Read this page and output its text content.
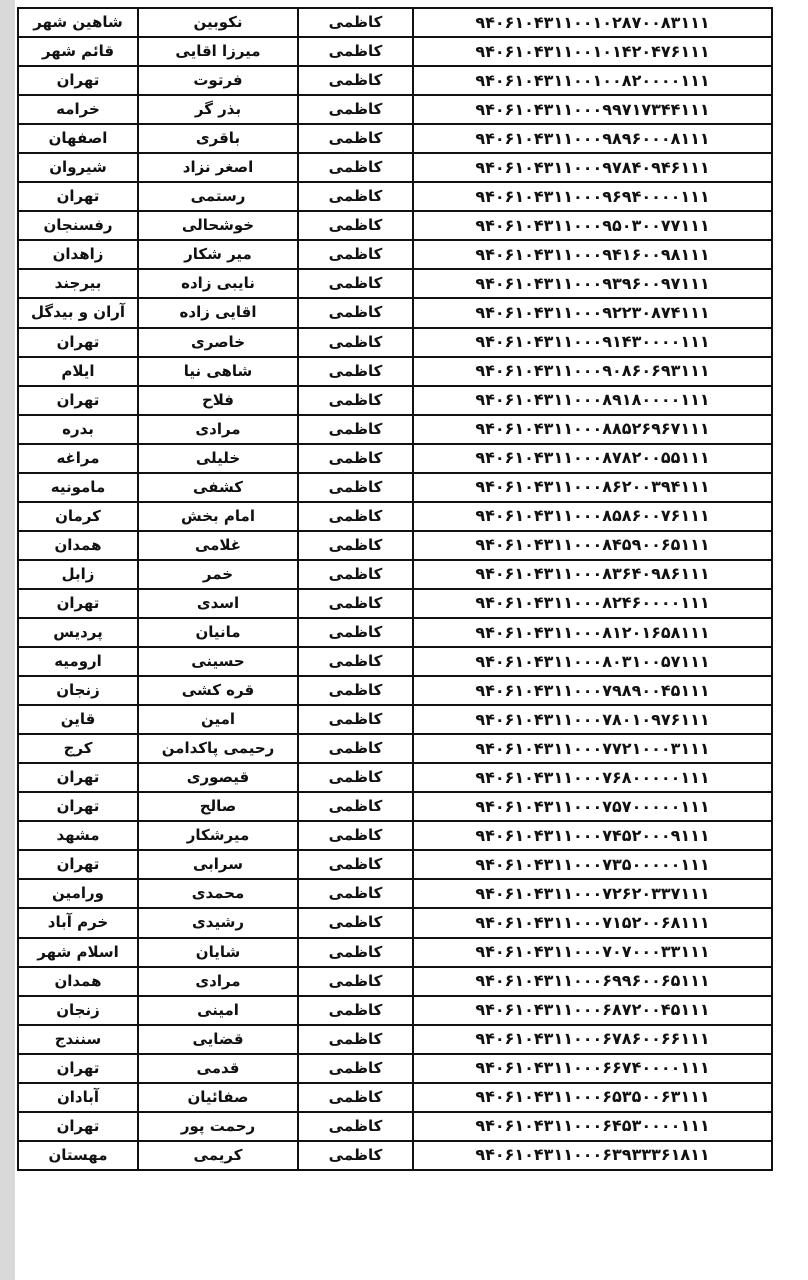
شاهین شهر	نکوبین	کاظمی	۹۴۰۶۱۰۴۳۱۱۰۰۱۰۲۸۷۰۰۸۳۱۱۱
قائم شهر	میرزا اقایی	کاظمی	۹۴۰۶۱۰۴۳۱۱۰۰۱۰۱۴۲۰۴۷۶۱۱۱
تهران	فرتوت	کاظمی	۹۴۰۶۱۰۴۳۱۱۰۰۱۰۰۸۲۰۰۰۰۱۱۱
خرامه	بذر گر	کاظمی	۹۴۰۶۱۰۴۳۱۱۰۰۰۹۹۷۱۷۳۴۴۱۱۱
اصفهان	باقری	کاظمی	۹۴۰۶۱۰۴۳۱۱۰۰۰۹۸۹۶۰۰۰۸۱۱۱
شیروان	اصغر نزاد	کاظمی	۹۴۰۶۱۰۴۳۱۱۰۰۰۹۷۸۴۰۹۴۶۱۱۱
تهران	رستمی	کاظمی	۹۴۰۶۱۰۴۳۱۱۰۰۰۹۶۹۴۰۰۰۰۱۱۱
رفسنجان	خوشحالی	کاظمی	۹۴۰۶۱۰۴۳۱۱۰۰۰۹۵۰۳۰۰۷۷۱۱۱
زاهدان	میر شکار	کاظمی	۹۴۰۶۱۰۴۳۱۱۰۰۰۹۴۱۶۰۰۹۸۱۱۱
بیرجند	نایبی زاده	کاظمی	۹۴۰۶۱۰۴۳۱۱۰۰۰۹۳۹۶۰۰۹۷۱۱۱
آران و بیدگل	اقایی زاده	کاظمی	۹۴۰۶۱۰۴۳۱۱۰۰۰۹۲۲۳۰۸۷۴۱۱۱
تهران	خاصری	کاظمی	۹۴۰۶۱۰۴۳۱۱۰۰۰۹۱۴۳۰۰۰۰۱۱۱
ایلام	شاهی نیا	کاظمی	۹۴۰۶۱۰۴۳۱۱۰۰۰۹۰۸۶۰۶۹۳۱۱۱
تهران	فلاح	کاظمی	۹۴۰۶۱۰۴۳۱۱۰۰۰۸۹۱۸۰۰۰۰۱۱۱
بدره	مرادی	کاظمی	۹۴۰۶۱۰۴۳۱۱۰۰۰۸۸۵۲۶۹۶۷۱۱۱
مراغه	خلیلی	کاظمی	۹۴۰۶۱۰۴۳۱۱۰۰۰۸۷۸۲۰۰۵۵۱۱۱
مامونیه	کشفی	کاظمی	۹۴۰۶۱۰۴۳۱۱۰۰۰۸۶۲۰۰۳۹۴۱۱۱
کرمان	امام بخش	کاظمی	۹۴۰۶۱۰۴۳۱۱۰۰۰۸۵۸۶۰۰۷۶۱۱۱
همدان	غلامی	کاظمی	۹۴۰۶۱۰۴۳۱۱۰۰۰۸۴۵۹۰۰۶۵۱۱۱
زابل	خمر	کاظمی	۹۴۰۶۱۰۴۳۱۱۰۰۰۸۳۶۴۰۹۸۶۱۱۱
تهران	اسدی	کاظمی	۹۴۰۶۱۰۴۳۱۱۰۰۰۸۲۴۶۰۰۰۰۱۱۱
پردیس	مانیان	کاظمی	۹۴۰۶۱۰۴۳۱۱۰۰۰۸۱۲۰۱۶۵۸۱۱۱
ارومیه	حسینی	کاظمی	۹۴۰۶۱۰۴۳۱۱۰۰۰۸۰۳۱۰۰۵۷۱۱۱
زنجان	قره کشی	کاظمی	۹۴۰۶۱۰۴۳۱۱۰۰۰۷۹۸۹۰۰۴۵۱۱۱
قاین	امین	کاظمی	۹۴۰۶۱۰۴۳۱۱۰۰۰۷۸۰۱۰۹۷۶۱۱۱
کرج	رحیمی پاکدامن	کاظمی	۹۴۰۶۱۰۴۳۱۱۰۰۰۷۷۲۱۰۰۰۳۱۱۱
تهران	قیصوری	کاظمی	۹۴۰۶۱۰۴۳۱۱۰۰۰۷۶۸۰۰۰۰۰۱۱۱
تهران	صالح	کاظمی	۹۴۰۶۱۰۴۳۱۱۰۰۰۷۵۷۰۰۰۰۰۱۱۱
مشهد	میرشکار	کاظمی	۹۴۰۶۱۰۴۳۱۱۰۰۰۷۴۵۲۰۰۰۹۱۱۱
تهران	سرابی	کاظمی	۹۴۰۶۱۰۴۳۱۱۰۰۰۷۳۵۰۰۰۰۰۱۱۱
ورامین	محمدی	کاظمی	۹۴۰۶۱۰۴۳۱۱۰۰۰۷۲۶۲۰۳۳۷۱۱۱
خرم آباد	رشیدی	کاظمی	۹۴۰۶۱۰۴۳۱۱۰۰۰۷۱۵۲۰۰۶۸۱۱۱
اسلام شهر	شایان	کاظمی	۹۴۰۶۱۰۴۳۱۱۰۰۰۷۰۷۰۰۰۳۳۱۱۱
همدان	مرادی	کاظمی	۹۴۰۶۱۰۴۳۱۱۰۰۰۶۹۹۶۰۰۶۵۱۱۱
زنجان	امینی	کاظمی	۹۴۰۶۱۰۴۳۱۱۰۰۰۶۸۷۲۰۰۴۵۱۱۱
سنندج	قضایی	کاظمی	۹۴۰۶۱۰۴۳۱۱۰۰۰۶۷۸۶۰۰۶۶۱۱۱
تهران	قدمی	کاظمی	۹۴۰۶۱۰۴۳۱۱۰۰۰۶۶۷۴۰۰۰۰۱۱۱
آبادان	صفائیان	کاظمی	۹۴۰۶۱۰۴۳۱۱۰۰۰۶۵۳۵۰۰۶۳۱۱۱
تهران	رحمت پور	کاظمی	۹۴۰۶۱۰۴۳۱۱۰۰۰۶۴۵۳۰۰۰۰۱۱۱
مهستان	کریمی	کاظمی	۹۴۰۶۱۰۴۳۱۱۰۰۰۶۳۹۳۳۳۶۱۸۱۱
